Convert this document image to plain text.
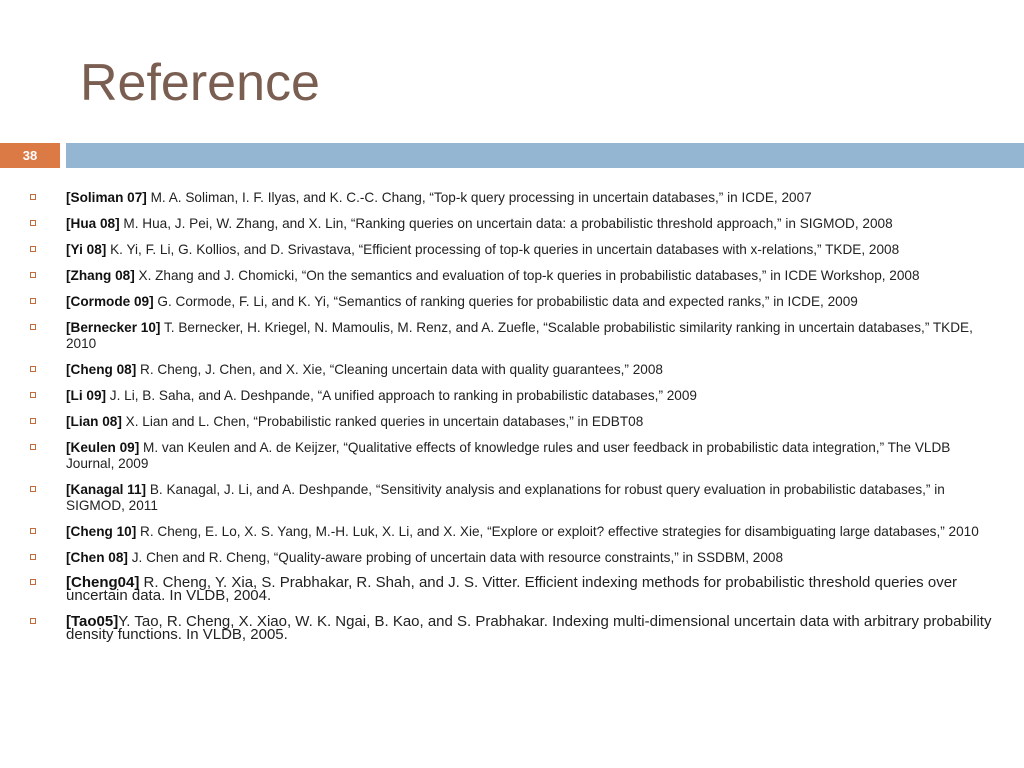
Reference
38
[Soliman 07] M. A. Soliman, I. F. Ilyas, and K. C.-C. Chang, “Top-k query processing in uncertain databases,” in ICDE, 2007
[Hua 08] M. Hua, J. Pei, W. Zhang, and X. Lin, “Ranking queries on uncertain data: a probabilistic threshold approach,” in SIGMOD, 2008
[Yi 08] K. Yi, F. Li, G. Kollios, and D. Srivastava, “Efficient processing of top-k queries in uncertain databases with x-relations,” TKDE, 2008
[Zhang 08] X. Zhang and J. Chomicki, “On the semantics and evaluation of top-k queries in probabilistic databases,” in ICDE Workshop, 2008
[Cormode 09] G. Cormode, F. Li, and K. Yi, “Semantics of ranking queries for probabilistic data and expected ranks,” in ICDE, 2009
[Bernecker 10] T. Bernecker, H. Kriegel, N. Mamoulis, M. Renz, and A. Zuefle, “Scalable probabilistic similarity ranking in uncertain databases,” TKDE, 2010
[Cheng 08] R. Cheng, J. Chen, and X. Xie, “Cleaning uncertain data with quality guarantees,” 2008
[Li 09] J. Li, B. Saha, and A. Deshpande, “A unified approach to ranking in probabilistic databases,” 2009
[Lian 08] X. Lian and L. Chen, “Probabilistic ranked queries in uncertain databases,” in EDBT08
[Keulen 09] M. van Keulen and A. de Keijzer, “Qualitative effects of knowledge rules and user feedback in probabilistic data integration,” The VLDB Journal, 2009
[Kanagal 11] B. Kanagal, J. Li, and A. Deshpande, “Sensitivity analysis and explanations for robust query evaluation in probabilistic databases,” in SIGMOD, 2011
[Cheng 10] R. Cheng, E. Lo, X. S. Yang, M.-H. Luk, X. Li, and X. Xie, “Explore or exploit? effective strategies for disambiguating large databases,” 2010
[Chen 08] J. Chen and R. Cheng, “Quality-aware probing of uncertain data with resource constraints,” in SSDBM, 2008
[Cheng04] R. Cheng, Y. Xia, S. Prabhakar, R. Shah, and J. S. Vitter. Efficient indexing methods for probabilistic threshold queries over uncertain data. In VLDB, 2004.
[Tao05]Y. Tao, R. Cheng, X. Xiao, W. K. Ngai, B. Kao, and S. Prabhakar. Indexing multi-dimensional uncertain data with arbitrary probability density functions. In VLDB, 2005.
